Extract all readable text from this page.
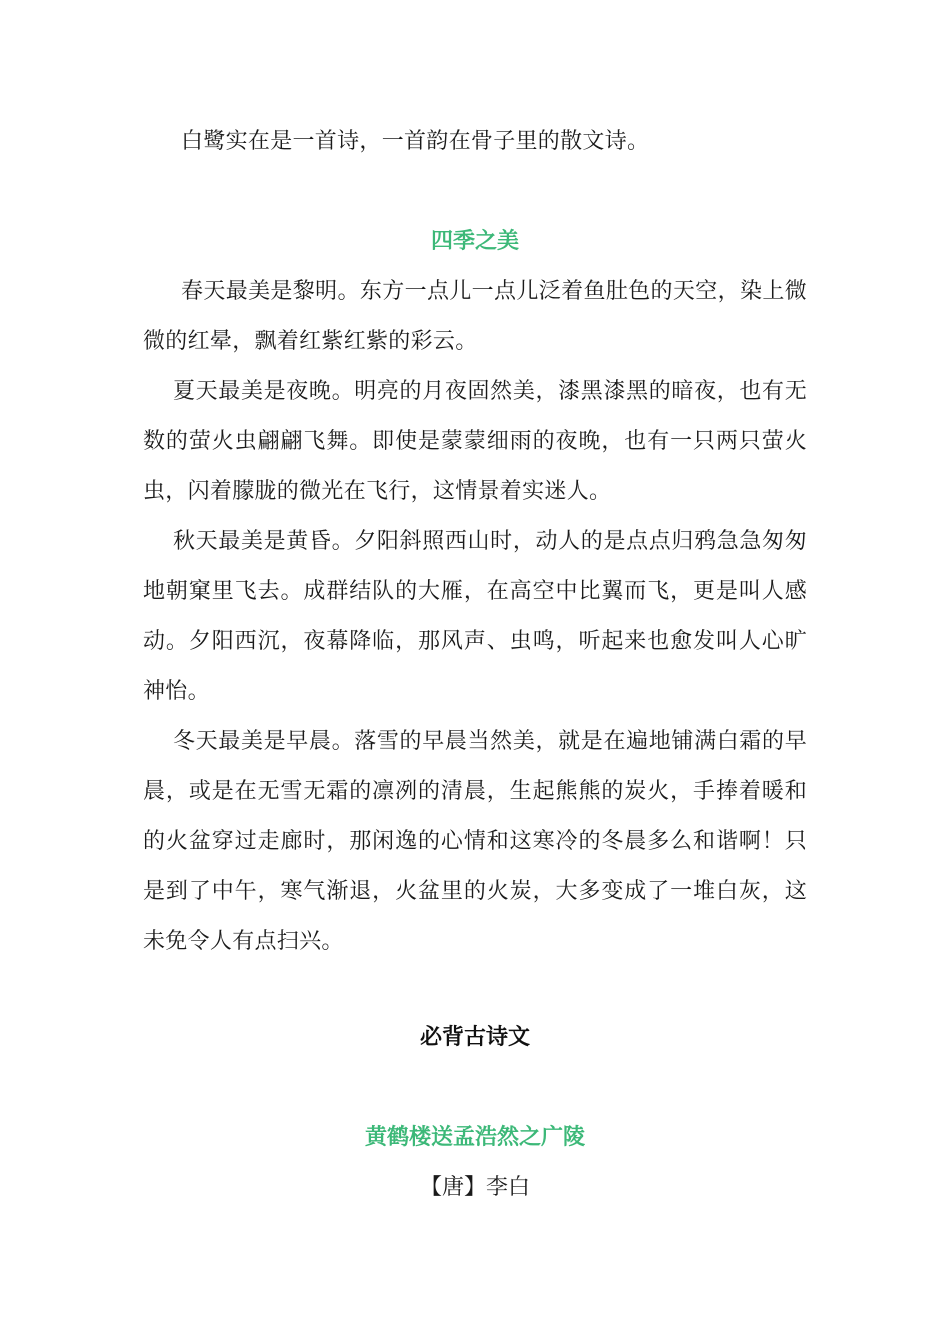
白鹭实在是一首诗，一首韵在骨子里的散文诗。

四季之美

春天最美是黎明。东方一点儿一点儿泛着鱼肚色的天空，染上微微的红晕，飘着红紫红紫的彩云。

夏天最美是夜晚。明亮的月夜固然美，漆黑漆黑的暗夜，也有无数的萤火虫翩翩飞舞。即使是蒙蒙细雨的夜晚，也有一只两只萤火虫，闪着朦胧的微光在飞行，这情景着实迷人。

秋天最美是黄昏。夕阳斜照西山时，动人的是点点归鸦急急匆匆地朝窠里飞去。成群结队的大雁，在高空中比翼而飞，更是叫人感动。夕阳西沉，夜幕降临，那风声、虫鸣，听起来也愈发叫人心旷神怡。

冬天最美是早晨。落雪的早晨当然美，就是在遍地铺满白霜的早晨，或是在无雪无霜的凛冽的清晨，生起熊熊的炭火，手捧着暖和的火盆穿过走廊时，那闲逸的心情和这寒冷的冬晨多么和谐啊！只是到了中午，寒气渐退，火盆里的火炭，大多变成了一堆白灰，这未免令人有点扫兴。

必背古诗文
黄鹤楼送孟浩然之广陵

【唐】李白
